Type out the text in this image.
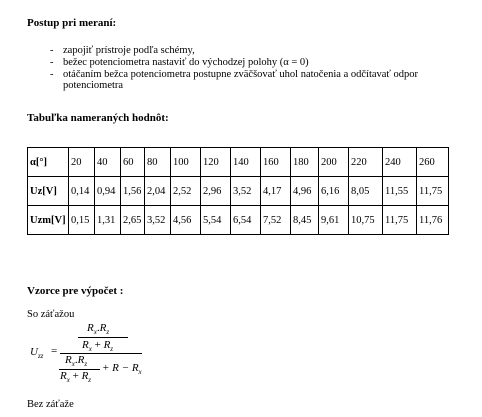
Postup pri meraní:
- zapojiť prístroje podľa schémy,
- bežec potenciometra nastaviť do východzej polohy (α = 0)
- otáčaním bežca potenciometra postupne zväčšovať uhol natočenia a odčítavať odpor potenciometra
Tabuľka nameraných hodnôt:
α[°]	20	40	60	80	100	120	140	160	180	200	220	240	260
Uz[V]	0,14	0,94	1,56	2,04	2,52	2,96	3,52	4,17	4,96	6,16	8,05	11,55	11,75
Uzm[V]	0,15	1,31	2,65	3,52	4,56	5,54	6,54	7,52	8,45	9,61	10,75	11,75	11,76
Vzorce pre výpočet :
So záťažou
$U_{zz}$ =
$R_x.R_z$
$R_x + R_z$
$R_x.R_z$
$R_x + R_z$
+ $R - R_x$
Bez záťaže
